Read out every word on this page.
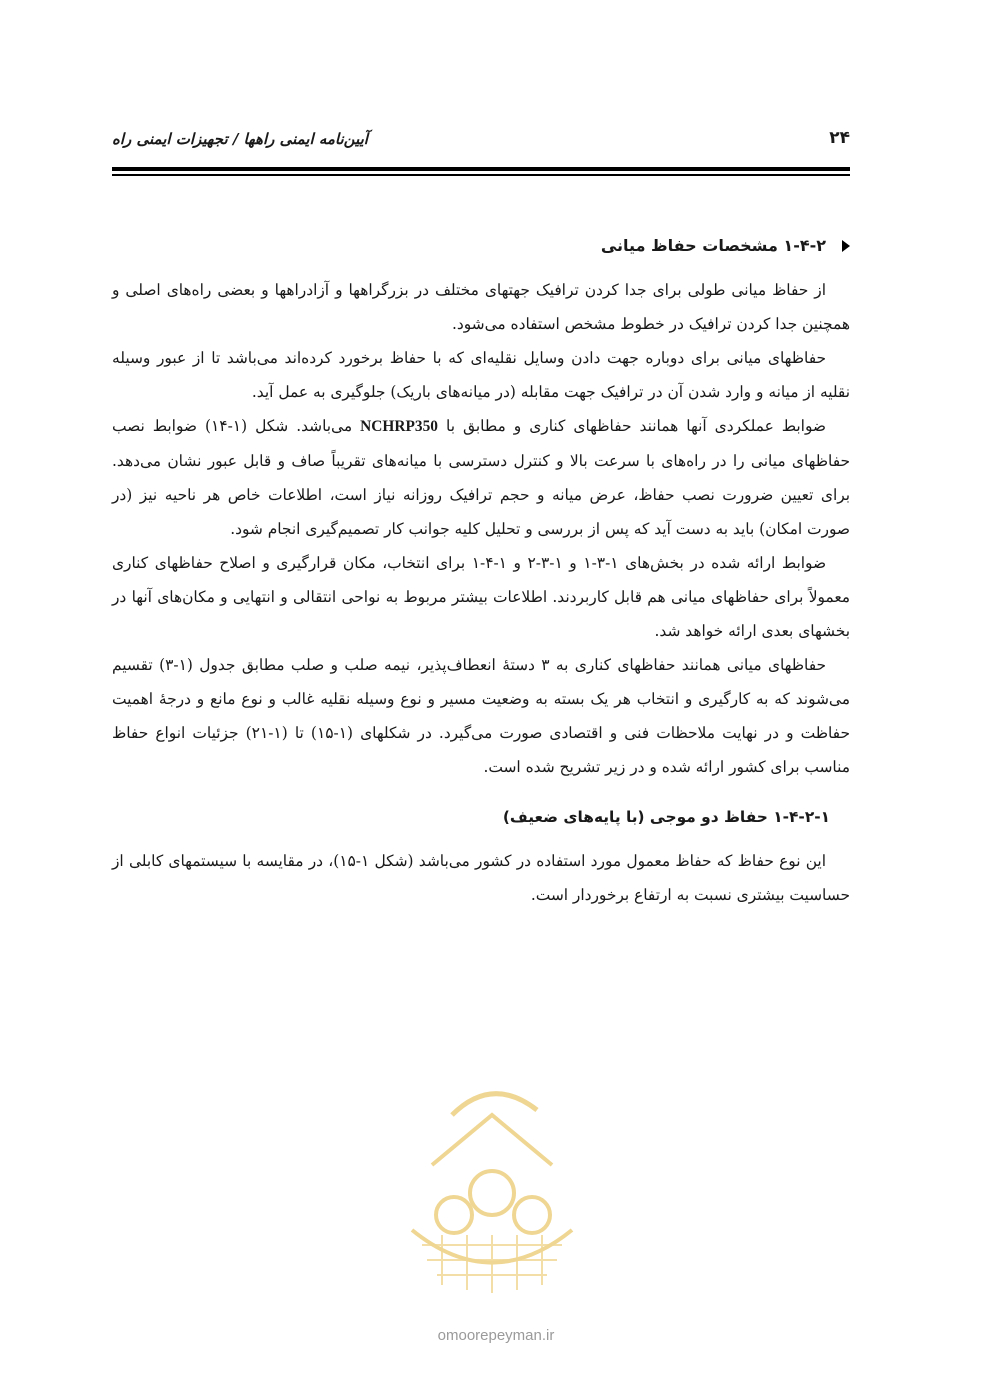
۲۴
آیین‌نامه ایمنی راهها / تجهیزات ایمنی راه
۱-۴-۲ مشخصات حفاظ میانی

از حفاظ میانی طولی برای جدا کردن ترافیک جهتهای مختلف در بزرگراهها و آزادراهها و بعضی راه‌های اصلی و همچنین جدا کردن ترافیک در خطوط مشخص استفاده می‌شود.

حفاظهای میانی برای دوباره جهت دادن وسایل نقلیه‌ای که با حفاظ برخورد کرده‌اند می‌باشد تا از عبور وسیله نقلیه از میانه و وارد شدن آن در ترافیک جهت مقابله (در میانه‌های باریک) جلوگیری به عمل آید.

ضوابط عملکردی آنها همانند حفاظهای کناری و مطابق با NCHRP350 می‌باشد. شکل (۱-۱۴) ضوابط نصب حفاظهای میانی را در راه‌های با سرعت بالا و کنترل دسترسی با میانه‌های تقریباً صاف و قابل عبور نشان می‌دهد. برای تعیین ضرورت نصب حفاظ، عرض میانه و حجم ترافیک روزانه نیاز است، اطلاعات خاص هر ناحیه نیز (در صورت امکان) باید به دست آید که پس از بررسی و تحلیل کلیه جوانب کار تصمیم‌گیری انجام شود.

ضوابط ارائه شده در بخش‌های ۱-۳-۱ و ۱-۳-۲ و ۱-۴-۱ برای انتخاب، مکان قرارگیری و اصلاح حفاظهای کناری معمولاً برای حفاظهای میانی هم قابل کاربردند. اطلاعات بیشتر مربوط به نواحی انتقالی و انتهایی و مکان‌های آنها در بخشهای بعدی ارائه خواهد شد.

حفاظهای میانی همانند حفاظهای کناری به ۳ دستهٔ انعطاف‌پذیر، نیمه صلب و صلب مطابق جدول (۱-۳) تقسیم می‌شوند که به کارگیری و انتخاب هر یک بسته به وضعیت مسیر و نوع وسیله نقلیه غالب و نوع مانع و درجهٔ اهمیت حفاظت و در نهایت ملاحظات فنی و اقتصادی صورت می‌گیرد. در شکلهای (۱-۱۵) تا (۱-۲۱) جزئیات انواع حفاظ مناسب برای کشور ارائه شده و در زیر تشریح شده است.

۱-۴-۲-۱ حفاظ دو موجی (با پایه‌های ضعیف)

این نوع حفاظ که حفاظ معمول مورد استفاده در کشور می‌باشد (شکل ۱-۱۵)، در مقایسه با سیستمهای کابلی از حساسیت بیشتری نسبت به ارتفاع برخوردار است.

omoorepeyman.ir
